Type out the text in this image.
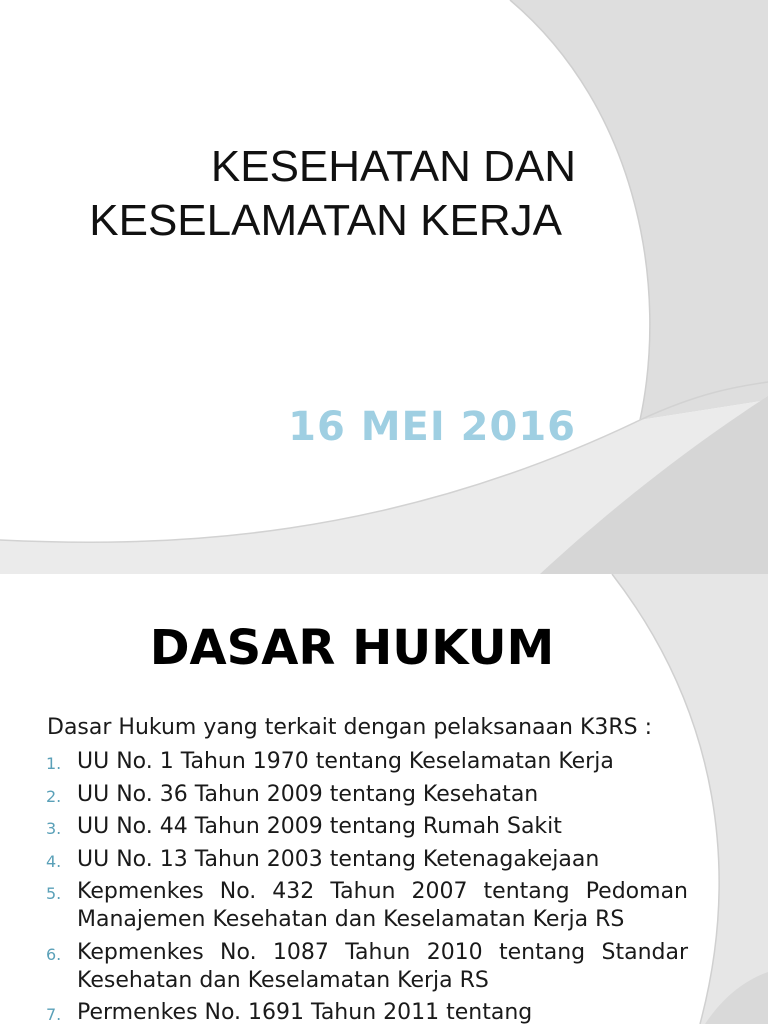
KESEHATAN DAN
KESELAMATAN KERJA
16 MEI 2016
DASAR HUKUM
Dasar Hukum yang terkait dengan pelaksanaan K3RS :
1. UU No. 1 Tahun 1970 tentang Keselamatan Kerja
2. UU No. 36 Tahun 2009 tentang Kesehatan
3. UU No. 44 Tahun 2009 tentang Rumah Sakit
4. UU No. 13 Tahun 2003 tentang Ketenagakejaan
5. Kepmenkes No. 432 Tahun 2007 tentang Pedoman Manajemen Kesehatan dan Keselamatan Kerja RS
6. Kepmenkes No. 1087 Tahun 2010 tentang Standar Kesehatan dan Keselamatan Kerja RS
7. Permenkes No. 1691 Tahun 2011 tentang
